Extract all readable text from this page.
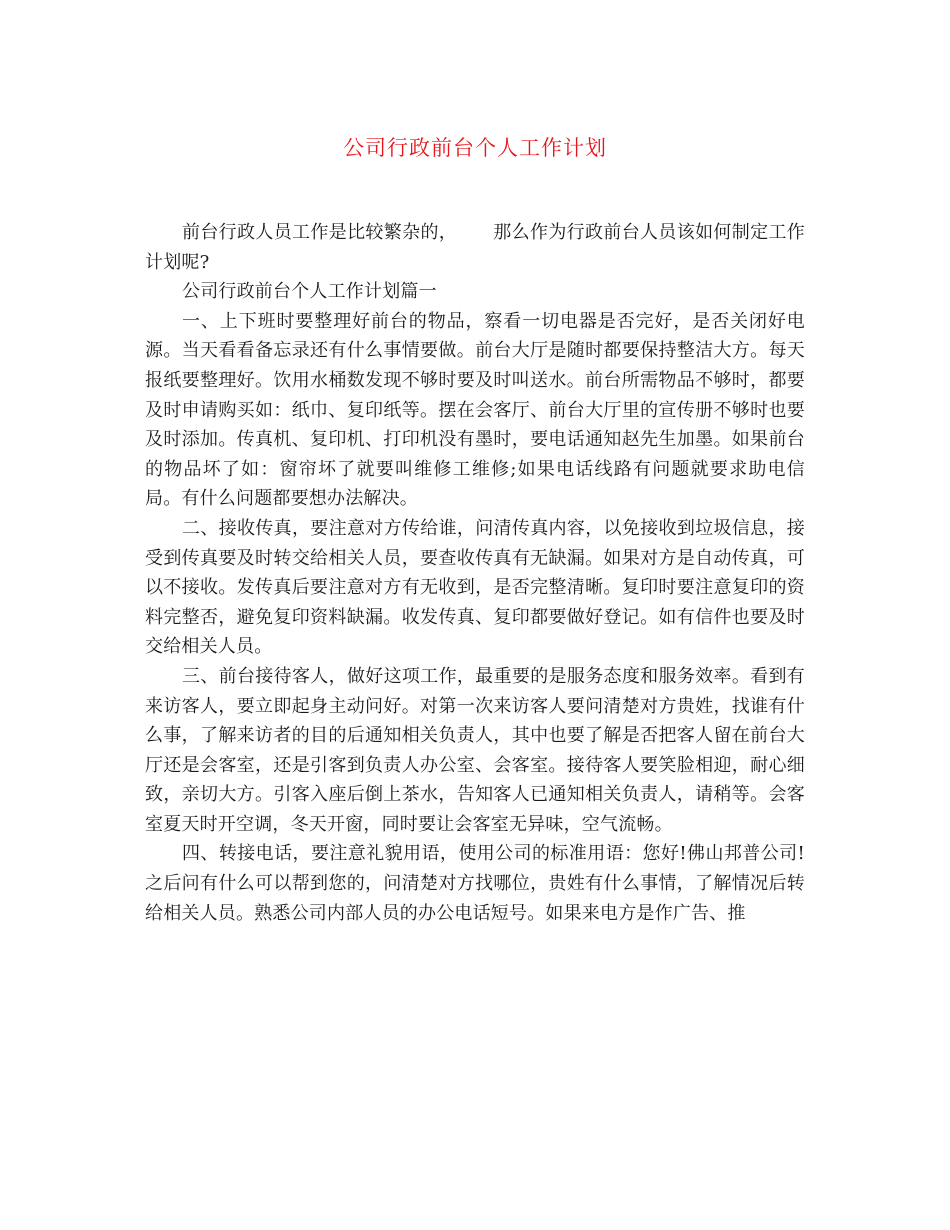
公司行政前台个人工作计划

前台行政人员工作是比较繁杂的， 那么作为行政前台人员该如何制定工作计划呢?

公司行政前台个人工作计划篇一

一、上下班时要整理好前台的物品，察看一切电器是否完好，是否关闭好电源。当天看看备忘录还有什么事情要做。前台大厅是随时都要保持整洁大方。每天报纸要整理好。饮用水桶数发现不够时要及时叫送水。前台所需物品不够时，都要及时申请购买如：纸巾、复印纸等。摆在会客厅、前台大厅里的宣传册不够时也要及时添加。传真机、复印机、打印机没有墨时，要电话通知赵先生加墨。如果前台的物品坏了如：窗帘坏了就要叫维修工维修;如果电话线路有问题就要求助电信局。有什么问题都要想办法解决。

二、接收传真，要注意对方传给谁，问清传真内容，以免接收到垃圾信息，接受到传真要及时转交给相关人员，要查收传真有无缺漏。如果对方是自动传真，可以不接收。发传真后要注意对方有无收到，是否完整清晰。复印时要注意复印的资料完整否，避免复印资料缺漏。收发传真、复印都要做好登记。如有信件也要及时交给相关人员。

三、前台接待客人，做好这项工作，最重要的是服务态度和服务效率。看到有来访客人，要立即起身主动问好。对第一次来访客人要问清楚对方贵姓，找谁有什么事，了解来访者的目的后通知相关负责人，其中也要了解是否把客人留在前台大厅还是会客室，还是引客到负责人办公室、会客室。接待客人要笑脸相迎，耐心细致，亲切大方。引客入座后倒上茶水，告知客人已通知相关负责人，请稍等。会客室夏天时开空调，冬天开窗，同时要让会客室无异味，空气流畅。

四、转接电话，要注意礼貌用语，使用公司的标准用语：您好!佛山邦普公司!之后问有什么可以帮到您的，问清楚对方找哪位，贵姓有什么事情，了解情况后转给相关人员。熟悉公司内部人员的办公电话短号。如果来电方是作广告、推
